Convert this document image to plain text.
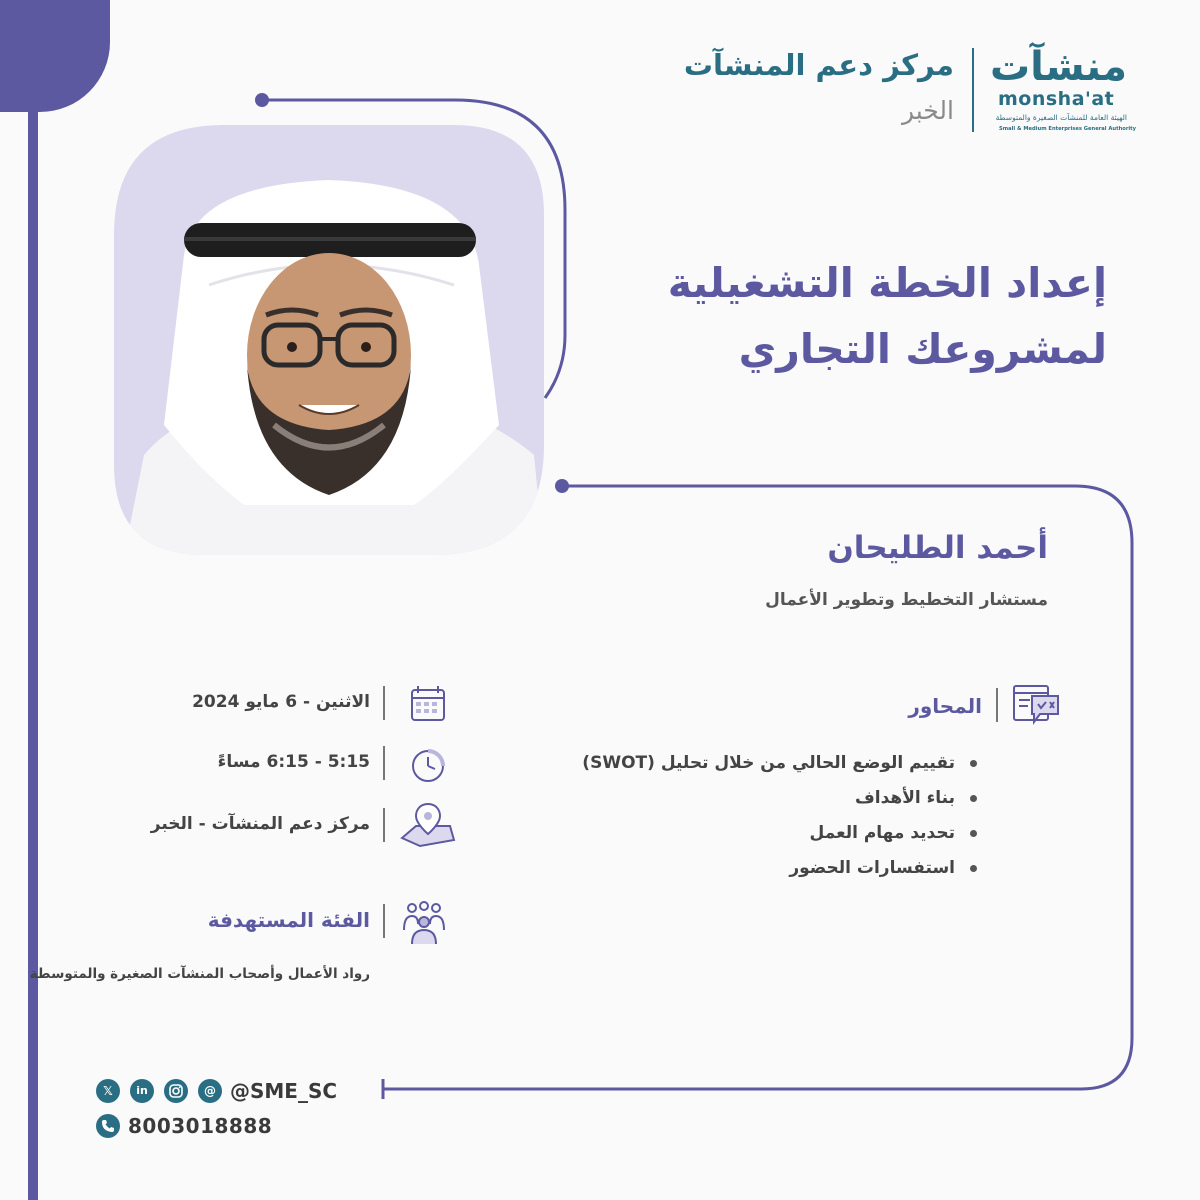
مركز دعم المنشآت
الخبر
منشآت
monsha'at
الهيئة العامة للمنشآت الصغيرة والمتوسطة
Small & Medium Enterprises General Authority
إعداد الخطة التشغيلية
لمشروعك التجاري
أحمد الطليحان
مستشار التخطيط وتطوير الأعمال
الاثنين - 6 مايو 2024
5:15 - 6:15 مساءً
مركز دعم المنشآت - الخبر
المحاور
تقييم الوضع الحالي من خلال تحليل (SWOT)
بناء الأهداف
تحديد مهام العمل
استفسارات الحضور
الفئة المستهدفة
رواد الأعمال وأصحاب المنشآت الصغيرة والمتوسطة
𝕏	in	@ @SME_SC
8003018888
